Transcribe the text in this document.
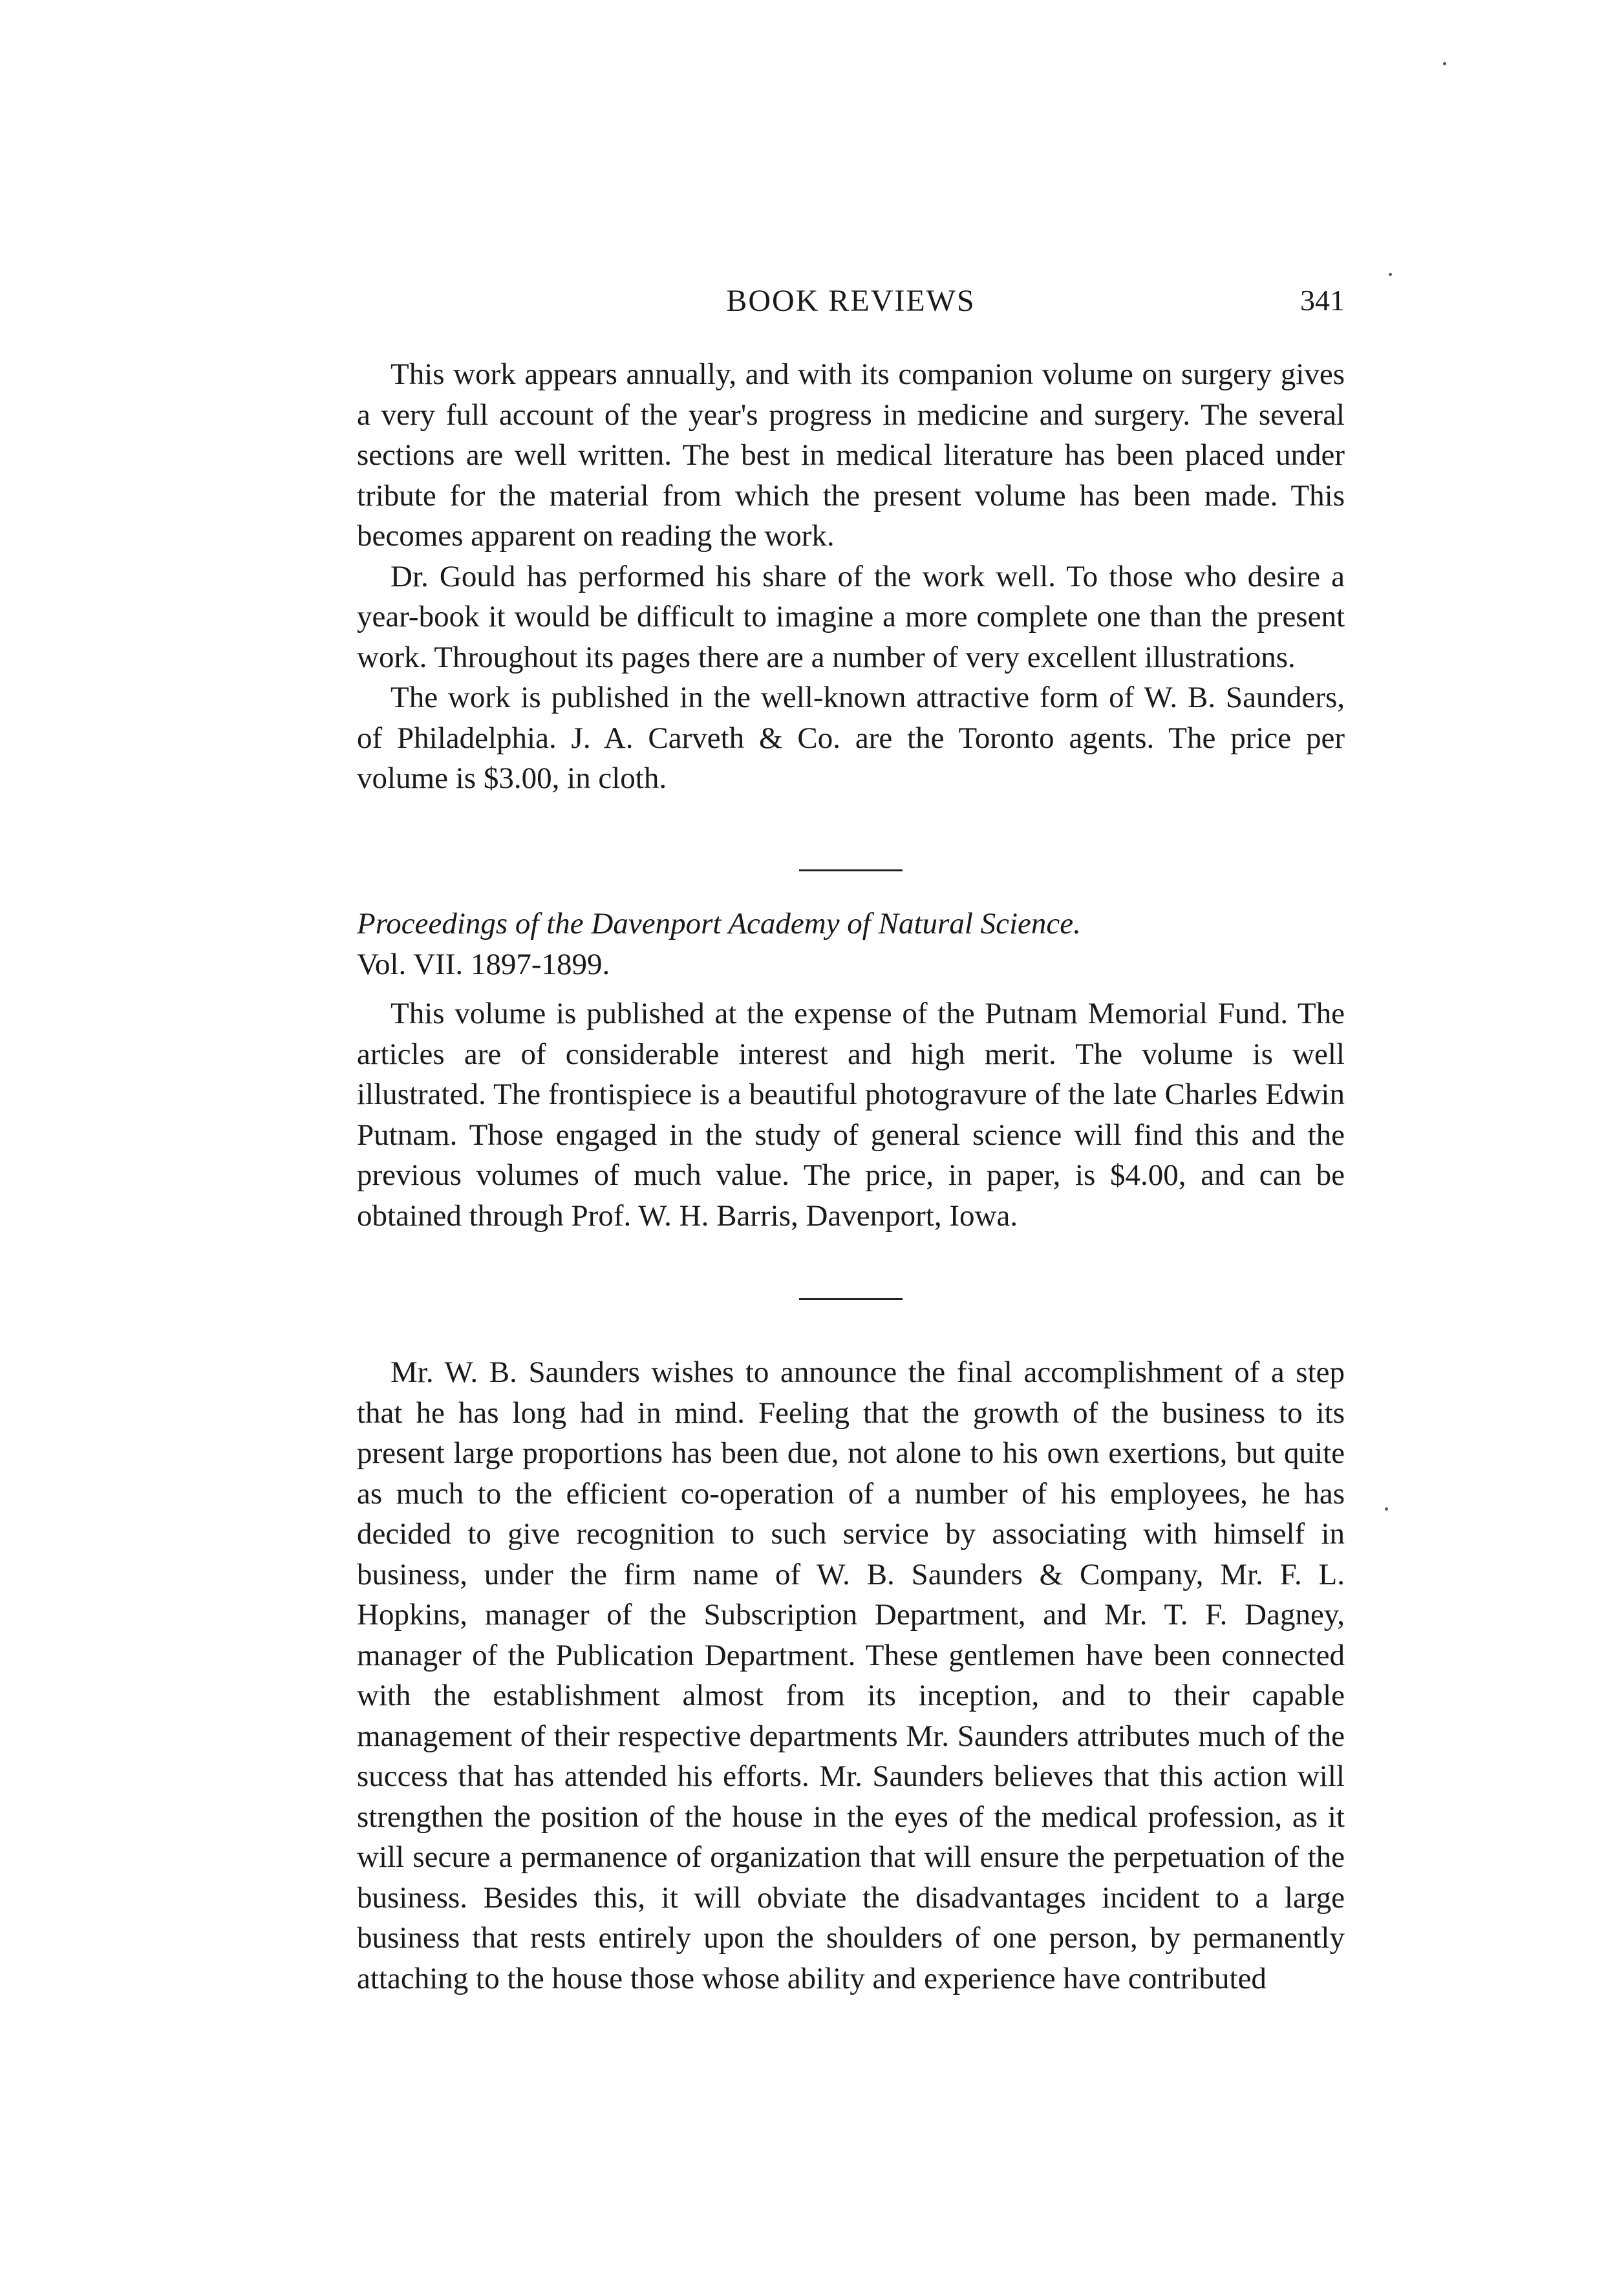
BOOK REVIEWS	341

This work appears annually, and with its companion volume on surgery gives a very full account of the year's progress in medicine and surgery. The several sections are well written. The best in medical literature has been placed under tribute for the material from which the present volume has been made. This becomes apparent on reading the work.

Dr. Gould has performed his share of the work well. To those who desire a year-book it would be difficult to imagine a more complete one than the present work. Throughout its pages there are a number of very excellent illustrations.

The work is published in the well-known attractive form of W. B. Saunders, of Philadelphia. J. A. Carveth & Co. are the Toronto agents. The price per volume is $3.00, in cloth.

Proceedings of the Davenport Academy of Natural Science.
Vol. VII. 1897-1899.

This volume is published at the expense of the Putnam Memorial Fund. The articles are of considerable interest and high merit. The volume is well illustrated. The frontispiece is a beautiful photogravure of the late Charles Edwin Putnam. Those engaged in the study of general science will find this and the previous volumes of much value. The price, in paper, is $4.00, and can be obtained through Prof. W. H. Barris, Davenport, Iowa.

Mr. W. B. Saunders wishes to announce the final accomplishment of a step that he has long had in mind. Feeling that the growth of the business to its present large proportions has been due, not alone to his own exertions, but quite as much to the efficient co-operation of a number of his employees, he has decided to give recognition to such service by associating with himself in business, under the firm name of W. B. Saunders & Company, Mr. F. L. Hopkins, manager of the Subscription Department, and Mr. T. F. Dagney, manager of the Publication Department. These gentlemen have been connected with the establishment almost from its inception, and to their capable management of their respective departments Mr. Saunders attributes much of the success that has attended his efforts. Mr. Saunders believes that this action will strengthen the position of the house in the eyes of the medical profession, as it will secure a permanence of organization that will ensure the perpetuation of the business. Besides this, it will obviate the disadvantages incident to a large business that rests entirely upon the shoulders of one person, by permanently attaching to the house those whose ability and experience have contributed
